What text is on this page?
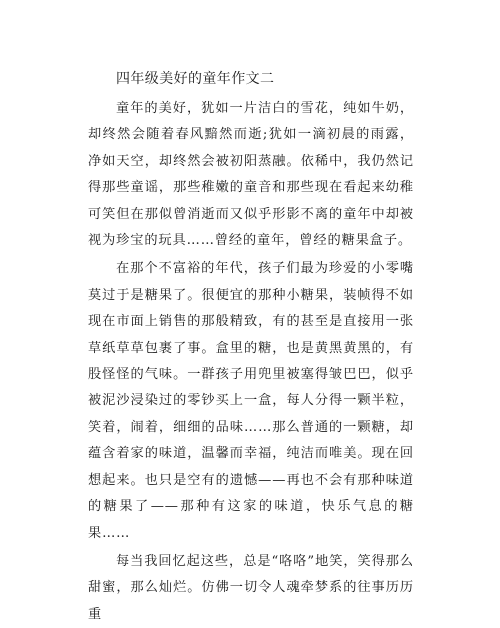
四年级美好的童年作文二

童年的美好，犹如一片洁白的雪花，纯如牛奶，却终然会随着春风黯然而逝;犹如一滴初晨的雨露，净如天空，却终然会被初阳蒸融。依稀中，我仍然记得那些童谣，那些稚嫩的童音和那些现在看起来幼稚可笑但在那似曾消逝而又似乎形影不离的童年中却被视为珍宝的玩具……曾经的童年，曾经的糖果盒子。

在那个不富裕的年代，孩子们最为珍爱的小零嘴莫过于是糖果了。很便宜的那种小糖果，装帧得不如现在市面上销售的那般精致，有的甚至是直接用一张草纸草草包裹了事。盒里的糖，也是黄黑黄黑的，有股怪怪的气味。一群孩子用兜里被塞得皱巴巴，似乎被泥沙浸染过的零钞买上一盒，每人分得一颗半粒，笑着，闹着，细细的品味……那么普通的一颗糖，却蕴含着家的味道，温馨而幸福，纯洁而唯美。现在回想起来。也只是空有的遗憾——再也不会有那种味道的糖果了——那种有这家的味道，快乐气息的糖果……

每当我回忆起这些，总是“咯咯”地笑，笑得那么甜蜜，那么灿烂。仿佛一切令人魂牵梦系的往事历历重
